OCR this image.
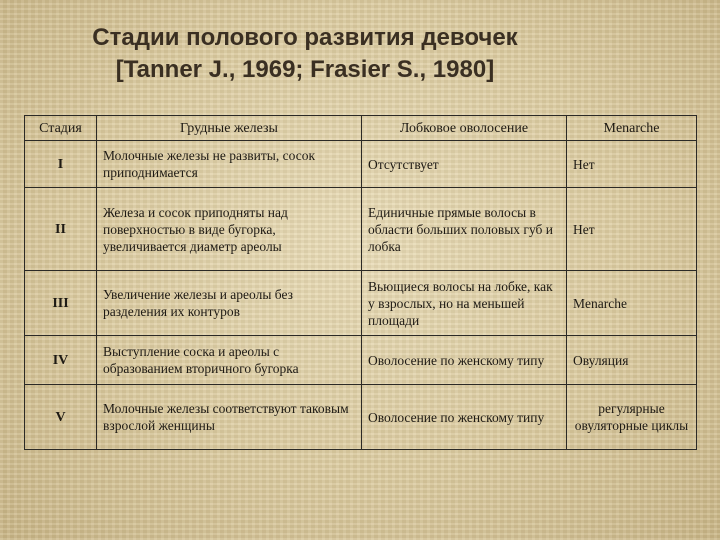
Стадии полового развития девочек
[Tanner J., 1969; Frasier S., 1980]
Стадия	Грудные железы	Лобковое оволосение	Menarche
I	Молочные железы не развиты, сосок приподнимается	Отсутствует	Нет
II	Железа и сосок приподняты над поверхностью в виде бугорка, увеличивается диаметр ареолы	Единичные прямые волосы в области больших половых губ и лобка	Нет
III	Увеличение железы и ареолы без разделения их контуров	Вьющиеся волосы на лобке, как у взрослых, но на меньшей площади	Menarche
IV	Выступление соска и ареолы с образованием вторичного бугорка	Оволосение по женскому типу	Овуляция
V	Молочные железы соответствуют таковым взрослой женщины	Оволосение по женскому типу	регулярные овуляторные циклы
